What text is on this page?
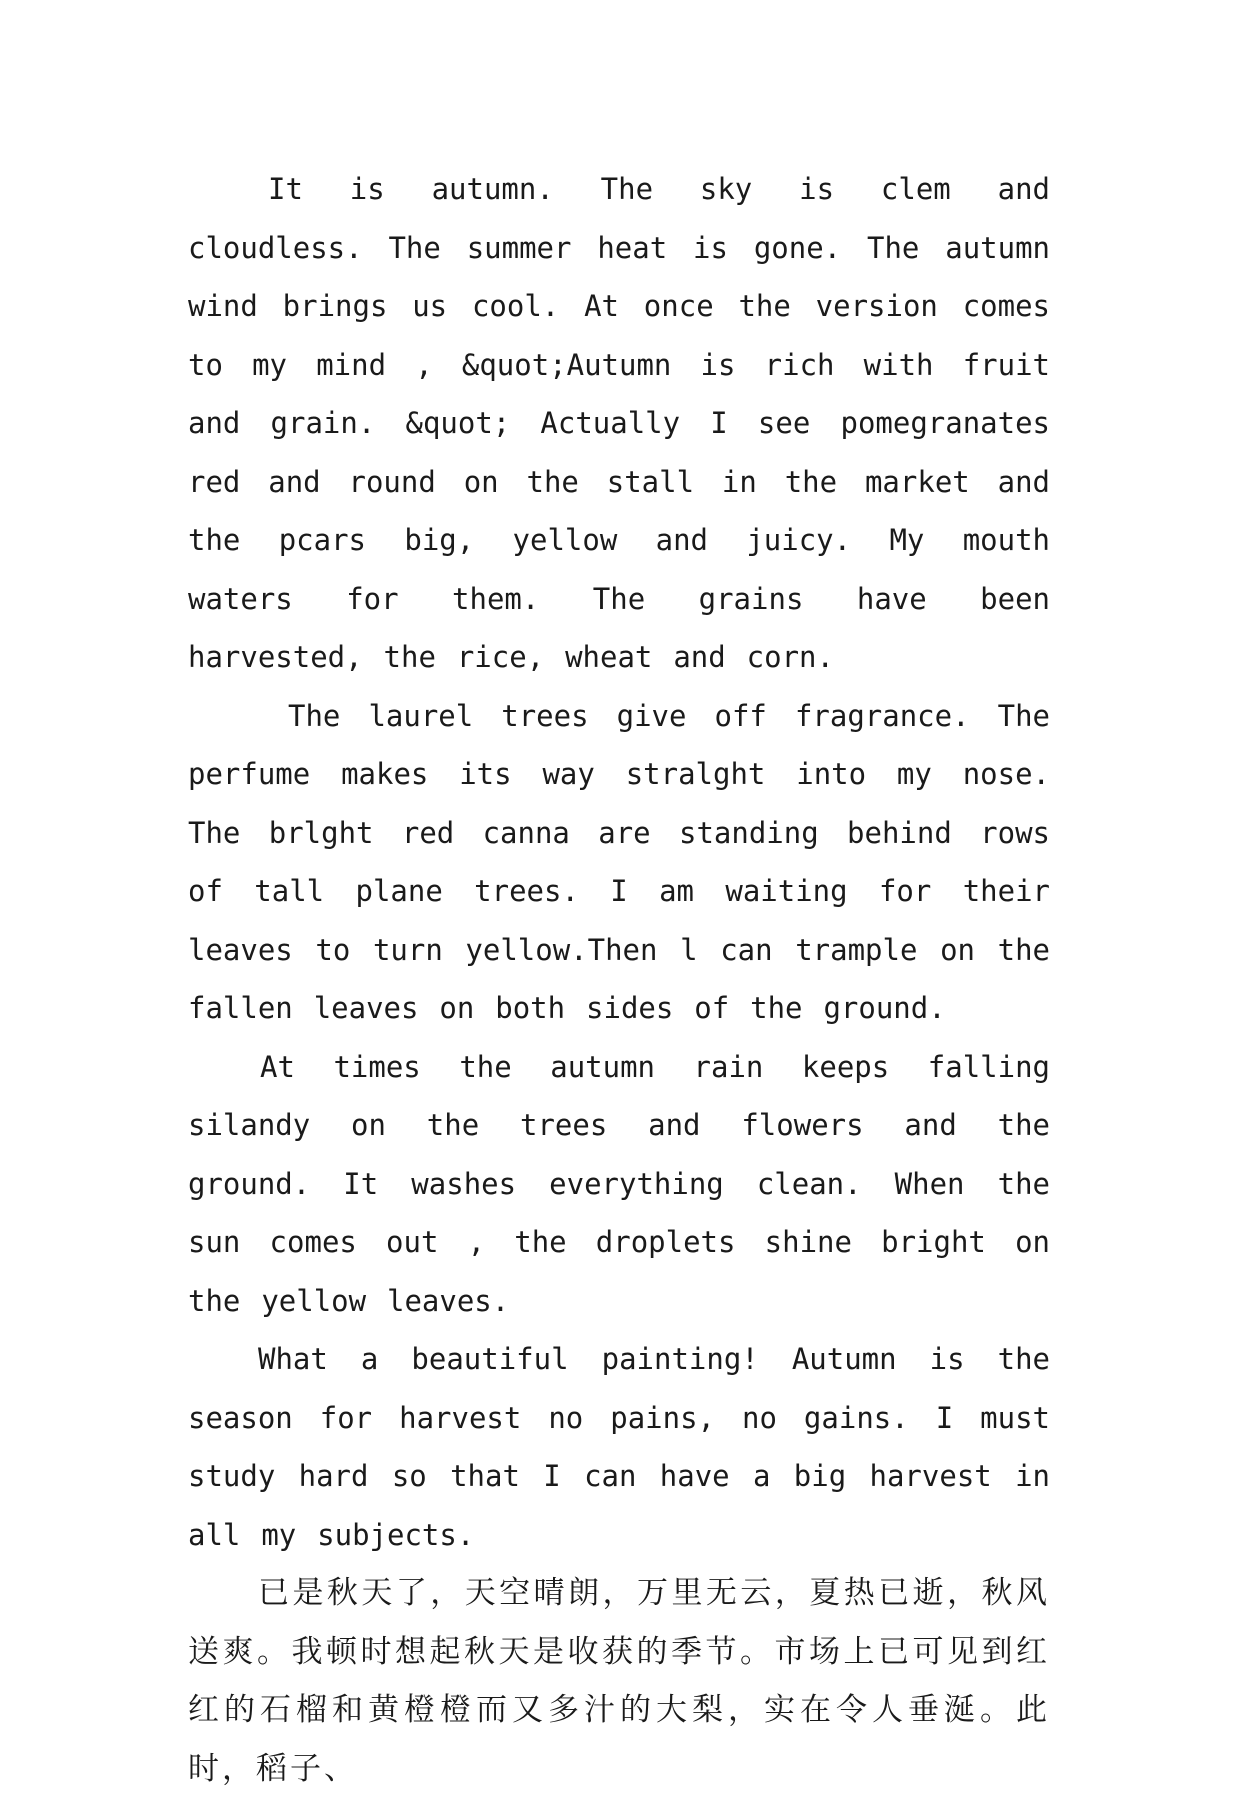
It is autumn. The sky is clem and cloudless. The summer heat is gone. The autumn wind brings us cool. At once the version comes to my mind , &quot;Autumn is rich with fruit and grain. &quot; Actually I see pomegranates red and round on the stall in the market and the pcars big, yellow and juicy. My mouth waters for them. The grains have been harvested, the rice, wheat and corn.

The laurel trees give off fragrance. The perfume makes its way stralght into my nose. The brlght red canna are standing behind rows of tall plane trees. I am waiting for their leaves to turn yellow.Then l can trample on the fallen leaves on both sides of the ground.

At times the autumn rain keeps falling silandy on the trees and flowers and the ground. It washes everything clean. When the sun comes out , the droplets shine bright on the yellow leaves.

What a beautiful painting! Autumn is the season for harvest no pains, no gains. I must study hard so that I can have a big harvest in all my subjects.

已是秋天了，天空晴朗，万里无云，夏热已逝，秋风送爽。我顿时想起秋天是收获的季节。市场上已可见到红红的石榴和黄橙橙而又多汁的大梨，实在令人垂涎。此时，稻子、
